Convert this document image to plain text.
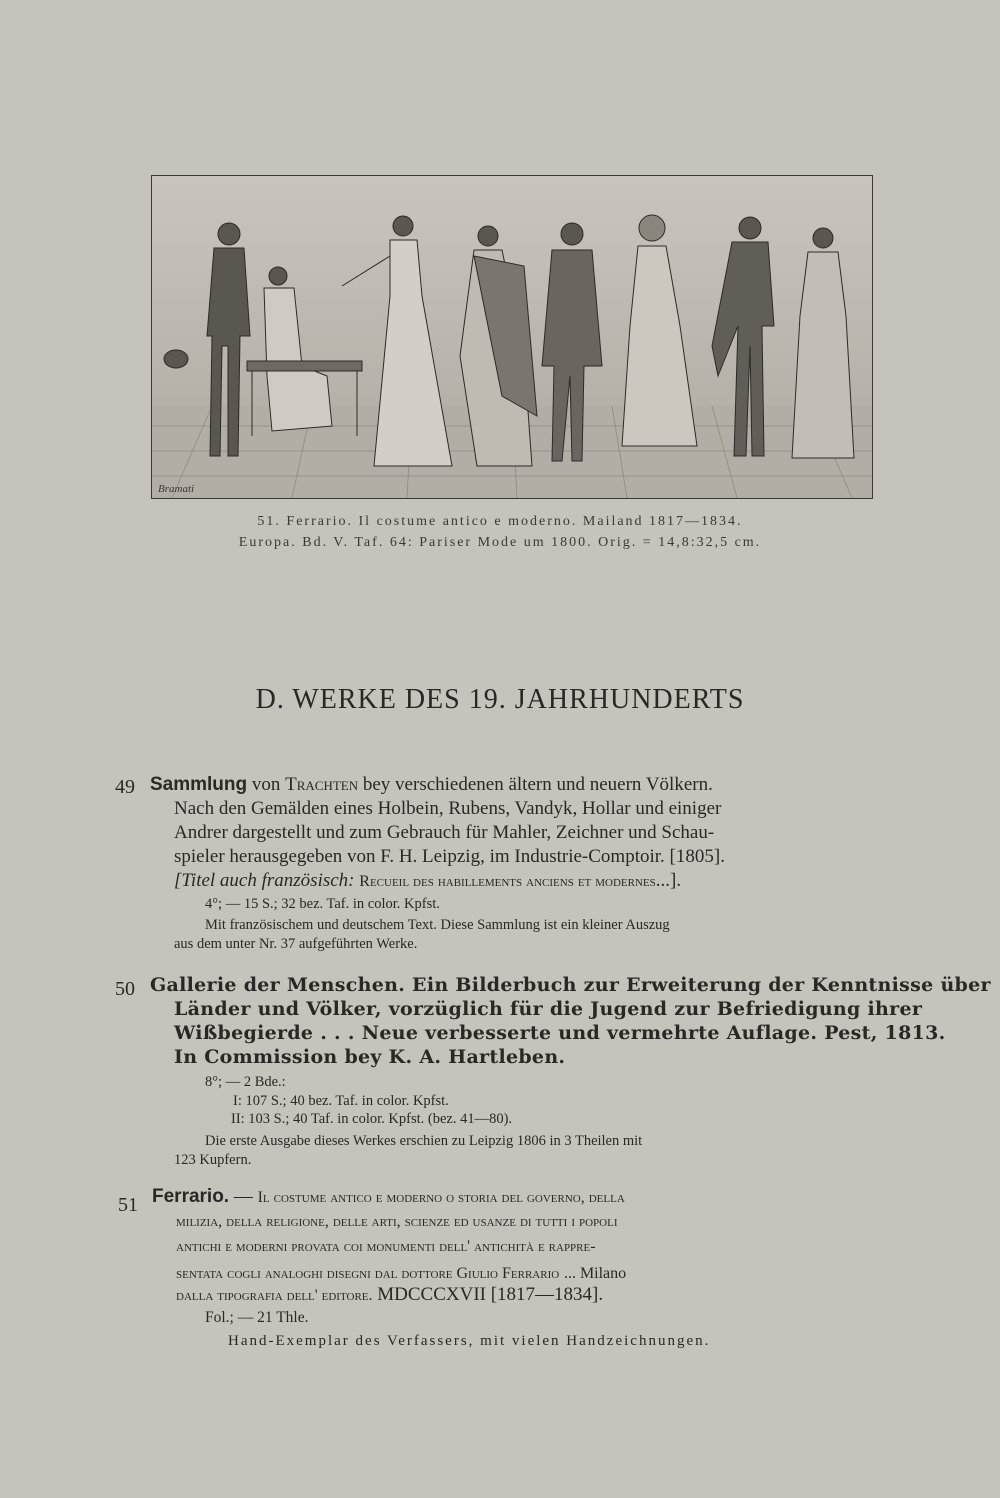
Bramati
51. Ferrario. Il costume antico e moderno. Mailand 1817—1834.
Europa. Bd. V. Taf. 64: Pariser Mode um 1800. Orig. = 14,8:32,5 cm.
D. WERKE DES 19. JAHRHUNDERTS
49 Sammlung von Trachten bey verschiedenen ältern und neuern Völkern.
Nach den Gemälden eines Holbein, Rubens, Vandyk, Hollar und einiger
Andrer dargestellt und zum Gebrauch für Mahler, Zeichner und Schau-
spieler herausgegeben von F. H. Leipzig, im Industrie-Comptoir. [1805].
[Titel auch französisch: Recueil des habillements anciens et modernes...].
4°; — 15 S.; 32 bez. Taf. in color. Kpfst.
Mit französischem und deutschem Text. Diese Sammlung ist ein kleiner Auszug
aus dem unter Nr. 37 aufgeführten Werke.
50 Gallerie der Menschen. Ein Bilderbuch zur Erweiterung der Kenntnisse über
Länder und Völker, vorzüglich für die Jugend zur Befriedigung ihrer
Wißbegierde . . . Neue verbesserte und vermehrte Auflage. Pest, 1813.
In Commission bey K. A. Hartleben.
8°; — 2 Bde.:
I: 107 S.; 40 bez. Taf. in color. Kpfst.
II: 103 S.; 40 Taf. in color. Kpfst. (bez. 41—80).
Die erste Ausgabe dieses Werkes erschien zu Leipzig 1806 in 3 Theilen mit
123 Kupfern.
51 Ferrario. — Il costume antico e moderno o storia del governo, della
milizia, della religione, delle arti, scienze ed usanze di tutti i popoli
antichi e moderni provata coi monumenti dell' antichità e rappre-
sentata cogli analoghi disegni dal dottore Giulio Ferrario ... Milano
dalla tipografia dell' editore. MDCCCXVII [1817—1834].
Fol.; — 21 Thle.
Hand-Exemplar des Verfassers, mit vielen Handzeichnungen.
